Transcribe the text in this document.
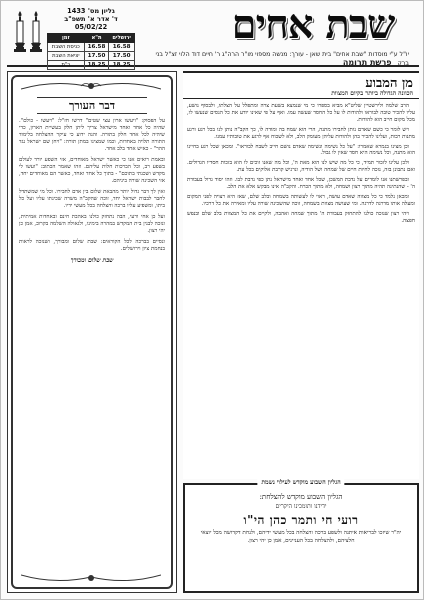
גליון מס' 1433
ד' אדר א' תשפ"ב 05/02/22
ירושלים	ת"א	זמן
16.58	16.58	כניסת השבת
17.50	17.50	יציאת השבת
18.25	18.25	ר"ת
שבת אחים
יו"ל ע"י מוסדות "שבת אחים" בית שאן - עורך: מנשה מספוי מו"ר הרה"ג ר' חיים דוד הלוי זצ"ל בני ברק פרשת תרומה
דבר העורך

על הפסוק: "ויעשו ארון עצי שטים" דרשו חז"ל: "ויעשו - כולם". שהיה כל אחד ואחד מישראל צריך ליתן חלק בעשיית הארון, כדי שיהיה לכל אחד חלק בתורה. והנה ידוע כי עיקר ההצלחה בלימוד התורה תלויה באחדות, וכמו שמצינו במתן תורה: "ויחן שם ישראל נגד ההר" - כאיש אחד בלב אחד.

ובאמת רואים אנו כי כאשר ישראל מאוחדים, אזי השפע יורד לעולם בשפע רב, וכל הברכות חלות עליהם. וזהו שאמר הכתוב: "ועשו לי מקדש ושכנתי בתוכם" - בתוך כל אחד ואחד, כאשר הם מאוחדים יחד, אזי השכינה שורה ביניהם.

ואין לך דבר גדול יותר מהבאת שלום בין אדם לחבירו. וכל מי שמשתדל לחבר לבבות ישראל יחד, זוכה שהקב"ה משרה שכינתו עליו ועל כל ביתו, ומשפיע עליו ברכה והצלחה בכל מעשי ידיו.

ועל כן אחי ורעי, הבה נתחזק כולנו באהבת חינם ובאחדות אמיתית, ונזכה לבנין בית המקדש במהרה בימינו, ולגאולה השלמה בקרוב, אמן כן יהי רצון.

ונסיים בברכה לכל הקוראים: שבת שלום ומבורך, ושנזכה לראות בנחמת ציון וירושלים.

שבת שלום ומבורך
מן המבוע
הכוונה הגדולה ביותר בקיום המצוות

הרב שלמה ולירשטיין שליט"א מביא בספרו כי מי שנמצא בשעת צרה ומתפלל על הצלתו, ולבסוף נושע, עליו להכיר טובה לבוראו ולהודות לו על כל החסד שעשה עמו. ואף על פי שאינו יודע את כל הנסים שנעשו לו, מכל מקום חייב הוא להודות.

ויש לומר כי כשם שאדם נותן לחבירו מתנה, הרי הוא שמח בה ומודה לו, כך הקב"ה נותן לנו בכל רגע ורגע מתנות רבות, ועלינו להכיר בהן ולהודות עליהן מעומק הלב, ולא לשכוח אף לרגע את טובותיו עמנו.

וכן מצינו בגמרא שאמרו: "על כל נשימה ונשימה שאדם נושם חייב לשבח לבוראו". ומכאן שכל רגע בחיינו הוא מתנה, וכל נשימה היא חסד שאין לו גבול.

ולכן עלינו לזכור תמיד, כי כל מה שיש לנו הוא מאת ה', וכל מה שאנו זוכים לו הוא בזכות חסדיו הגדולים. ואם נתבונן בזה, נזכה לחיות חיים של שמחה ושל הודיה, ונרגיש קרבת אלוקים בכל עת.

ובפרשתנו אנו לומדים על נדבת המשכן, שכל אחד ואחד מישראל נתן כפי נדבת לבו. וזהו יסוד גדול בעבודת ה' - שהנתינה תהיה מתוך רצון ושמחה, ולא מתוך הכרח. והקב"ה אינו מבקש אלא את הלב.

ומכאן נלמד כי כל מצווה שאדם עושה, ראוי לו לעשותה בשמחה ובלב שלם, שאז היא רצויה לפני המקום ומעלה אותו מדרגה לדרגה. ומי שעושה מצוות בשמחה, זוכה שהשכינה שורה עליו ומאירה את כל דרכיו.

ויהי רצון שנזכה כולנו להתחזק בעבודת ה' מתוך שמחה ואהבה, ולקיים את כל המצוות בלב שלם ובנפש חפצה.

הגליון השבוע מוקדש לעילוי נשמת
הגליון השבוע מוקדש להצלחת:
ידידנו ותומכינו היקרים
רועי חי ותמר כהן הי"ו
יה"ר שיזכו לבריאות איתנה ולשפע ברכה והצלחה בכל מעשי ידיהם, ולנחת דקדושה מכל יוצאי חלציהם, ולהצלחה בכל העניינים, אמן כן יהי רצון.
